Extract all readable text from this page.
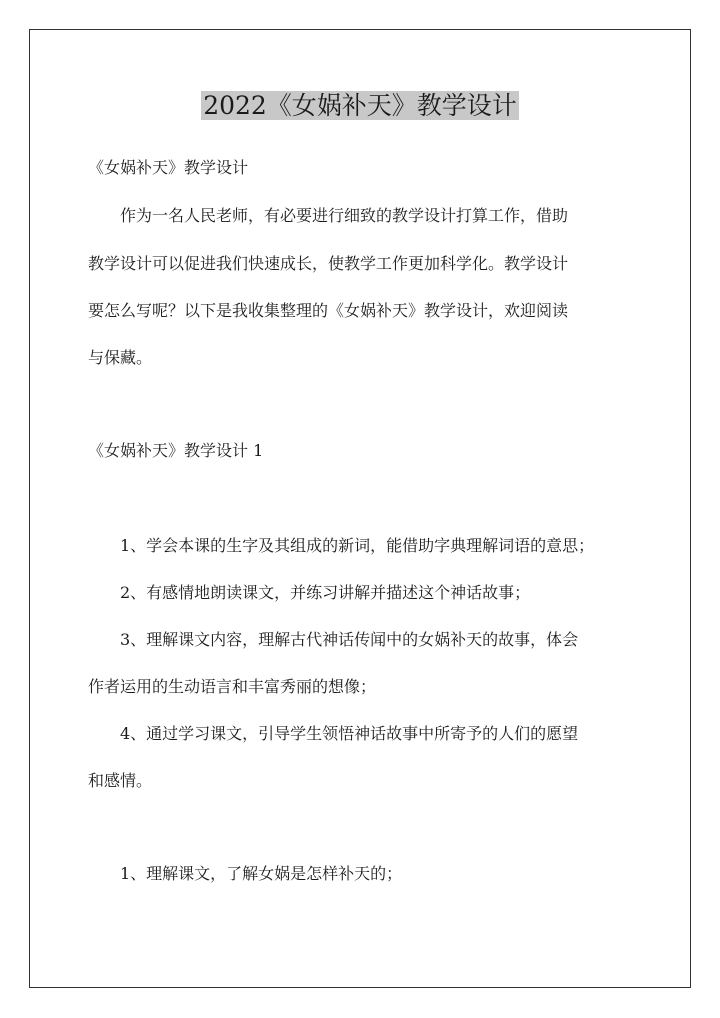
2022《女娲补天》教学设计
《女娲补天》教学设计
作为一名人民老师，有必要进行细致的教学设计打算工作，借助
教学设计可以促进我们快速成长，使教学工作更加科学化。教学设计
要怎么写呢？以下是我收集整理的《女娲补天》教学设计，欢迎阅读
与保藏。
《女娲补天》教学设计 1
1、学会本课的生字及其组成的新词，能借助字典理解词语的意思；
2、有感情地朗读课文，并练习讲解并描述这个神话故事；
3、理解课文内容，理解古代神话传闻中的女娲补天的故事，体会
作者运用的生动语言和丰富秀丽的想像；
4、通过学习课文，引导学生领悟神话故事中所寄予的人们的愿望
和感情。
1、理解课文，了解女娲是怎样补天的；
